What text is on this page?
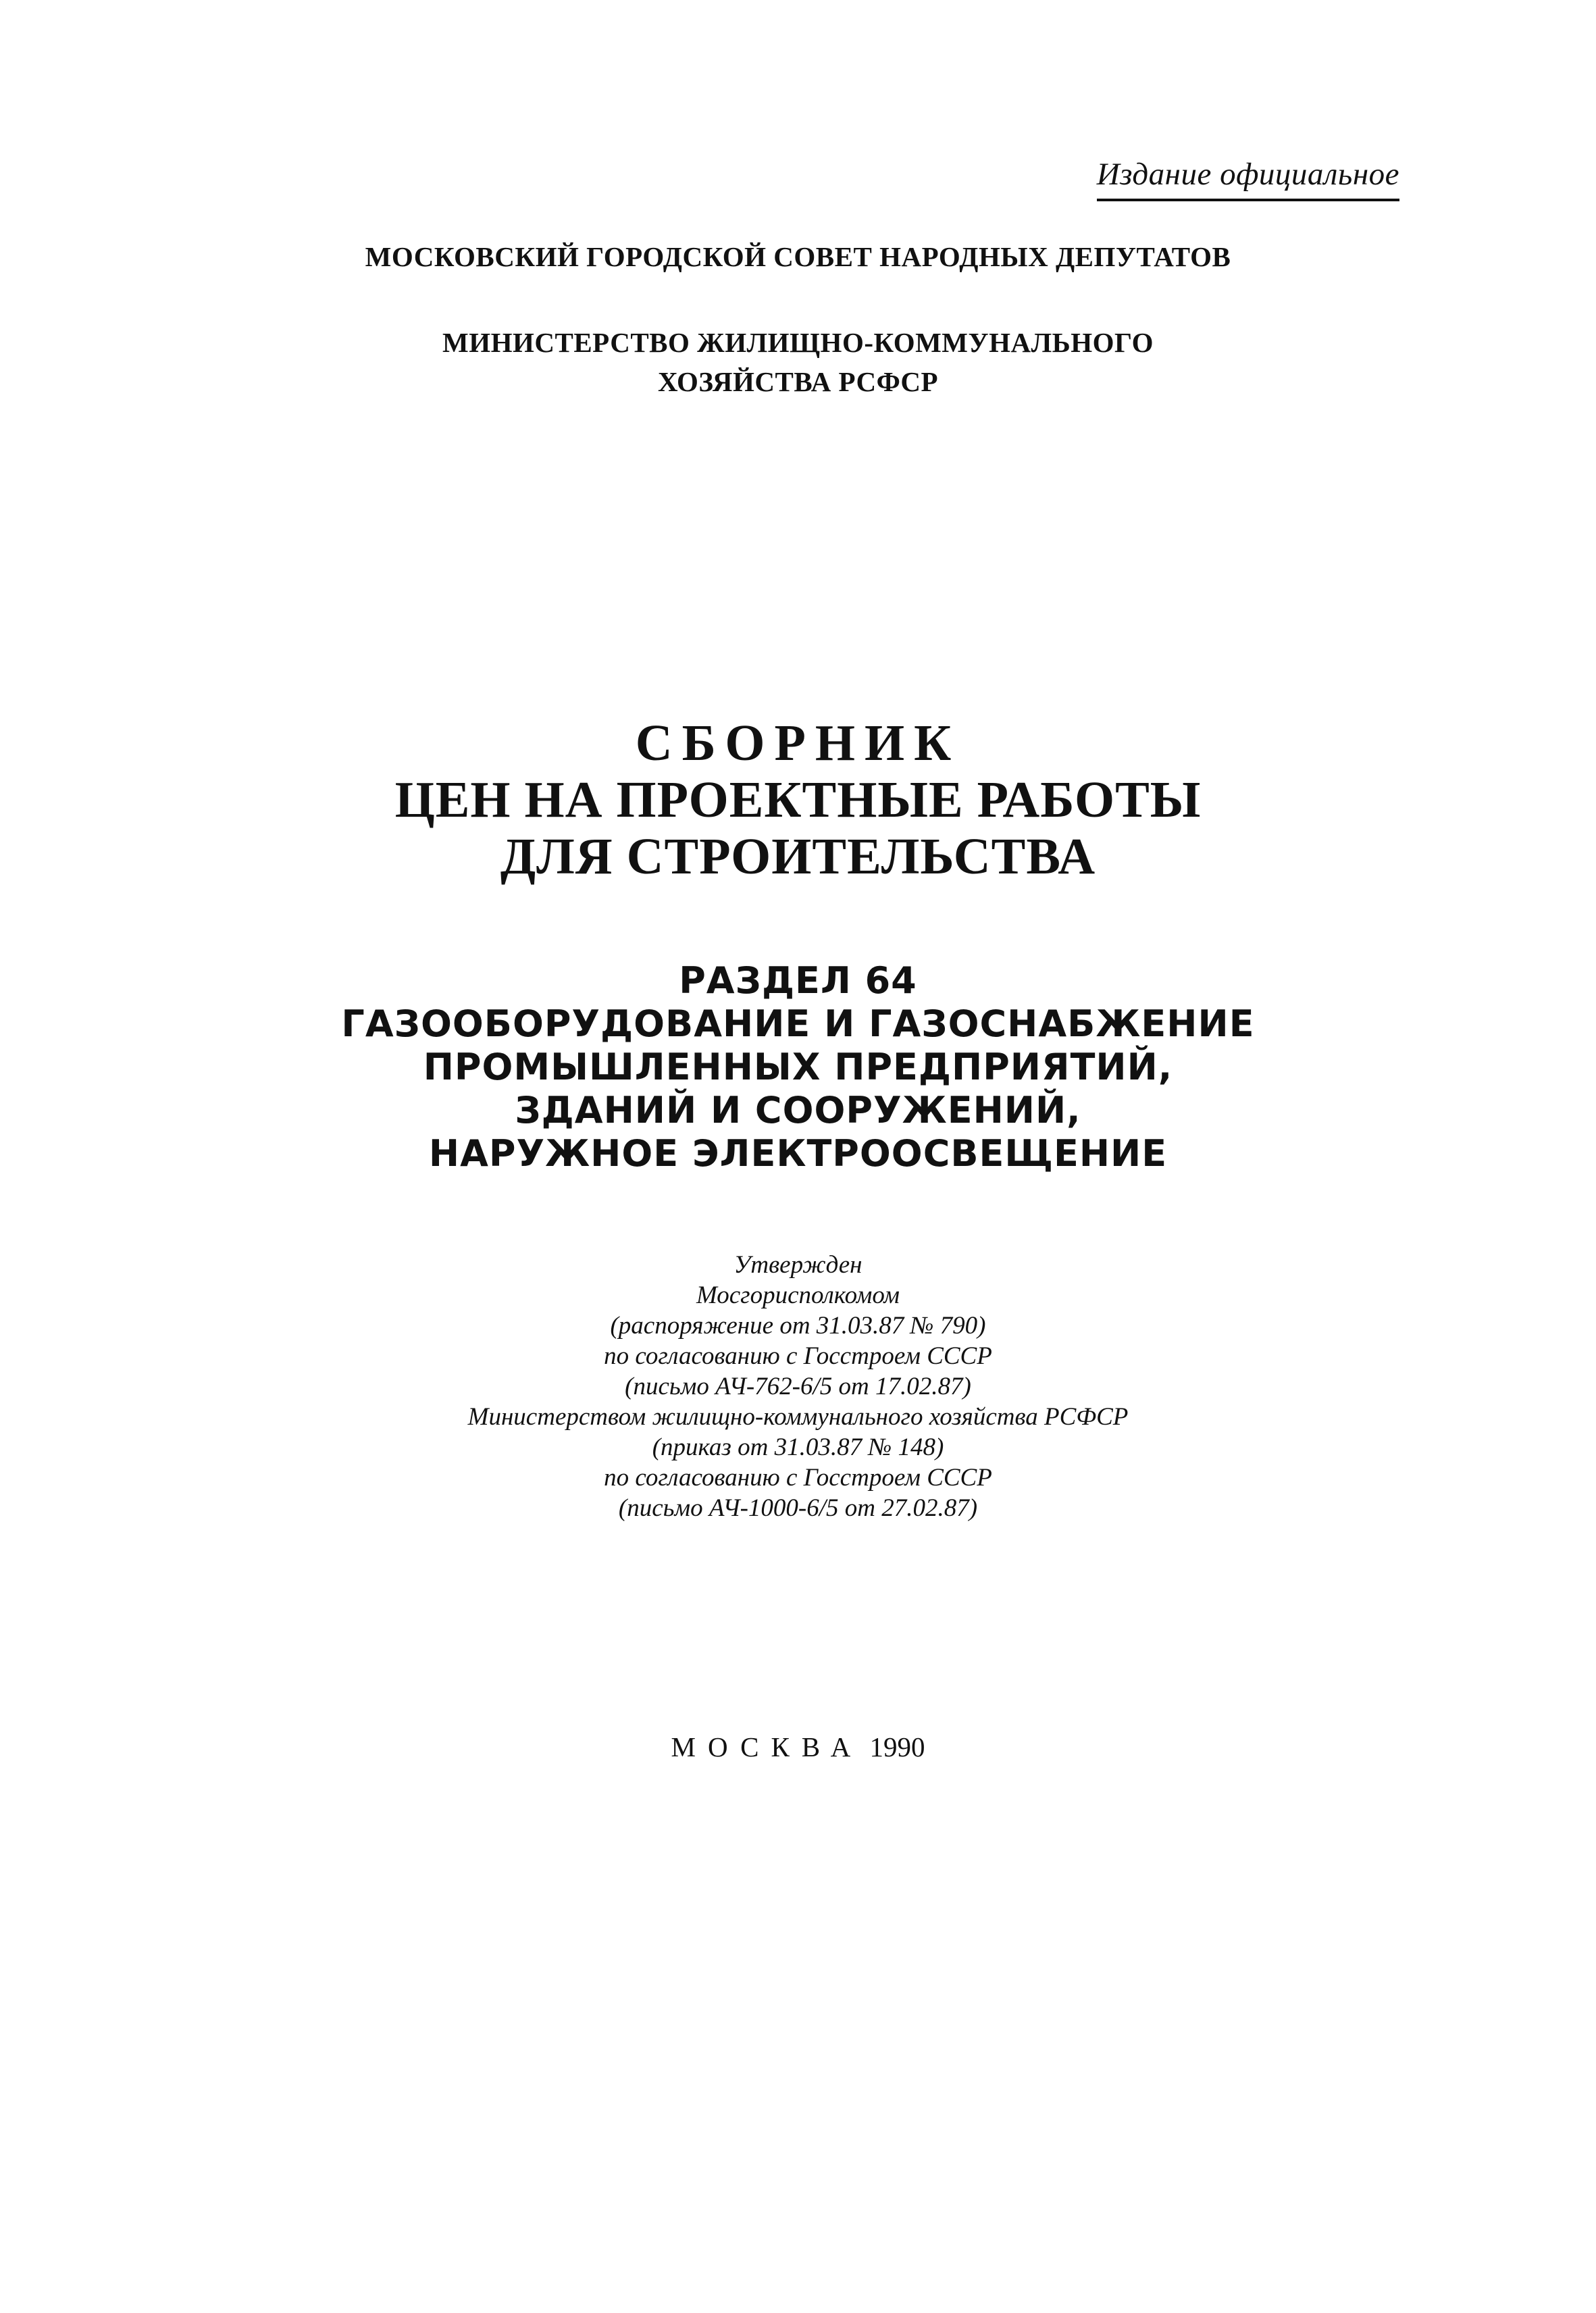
Издание официальное
МОСКОВСКИЙ ГОРОДСКОЙ СОВЕТ НАРОДНЫХ ДЕПУТАТОВ
МИНИСТЕРСТВО ЖИЛИЩНО-КОММУНАЛЬНОГО
ХОЗЯЙСТВА РСФСР
СБОРНИК
ЦЕН НА ПРОЕКТНЫЕ РАБОТЫ
ДЛЯ СТРОИТЕЛЬСТВА
РАЗДЕЛ 64
ГАЗООБОРУДОВАНИЕ И ГАЗОСНАБЖЕНИЕ
ПРОМЫШЛЕННЫХ ПРЕДПРИЯТИЙ,
ЗДАНИЙ И СООРУЖЕНИЙ,
НАРУЖНОЕ ЭЛЕКТРООСВЕЩЕНИЕ
Утвержден
Мосгорисполкомом
(распоряжение от 31.03.87 № 790)
по согласованию с Госстроем СССР
(письмо АЧ-762-6/5 от 17.02.87)
Министерством жилищно-коммунального хозяйства РСФСР
(приказ от 31.03.87 № 148)
по согласованию с Госстроем СССР
(письмо АЧ-1000-6/5 от 27.02.87)
МОСКВА 1990
